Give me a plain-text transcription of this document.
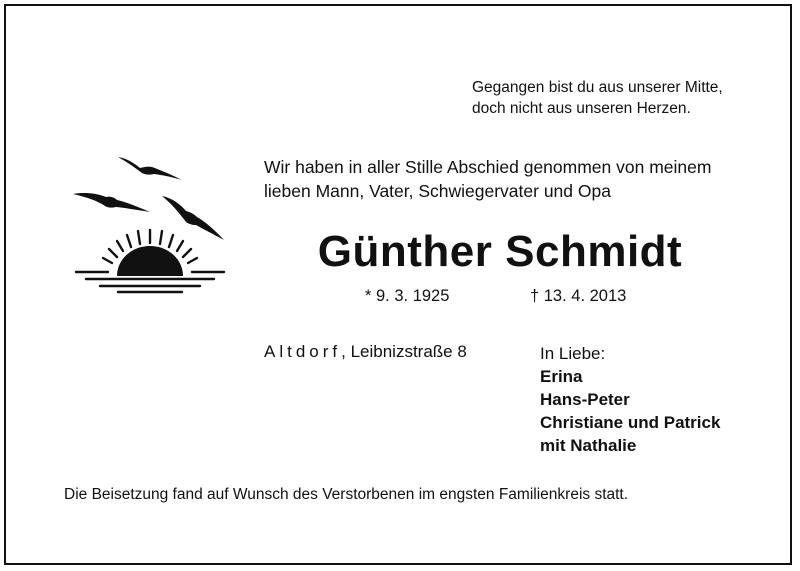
Gegangen bist du aus unserer Mitte,
doch nicht aus unseren Herzen.
Wir haben in aller Stille Abschied genommen von meinem
lieben Mann, Vater, Schwiegervater und Opa
Günther Schmidt
* 9. 3. 1925	† 13. 4. 2013
Altdorf, Leibnizstraße 8	In Liebe:
Erina
Hans-Peter
Christiane und Patrick
mit Nathalie
Die Beisetzung fand auf Wunsch des Verstorbenen im engsten Familienkreis statt.
